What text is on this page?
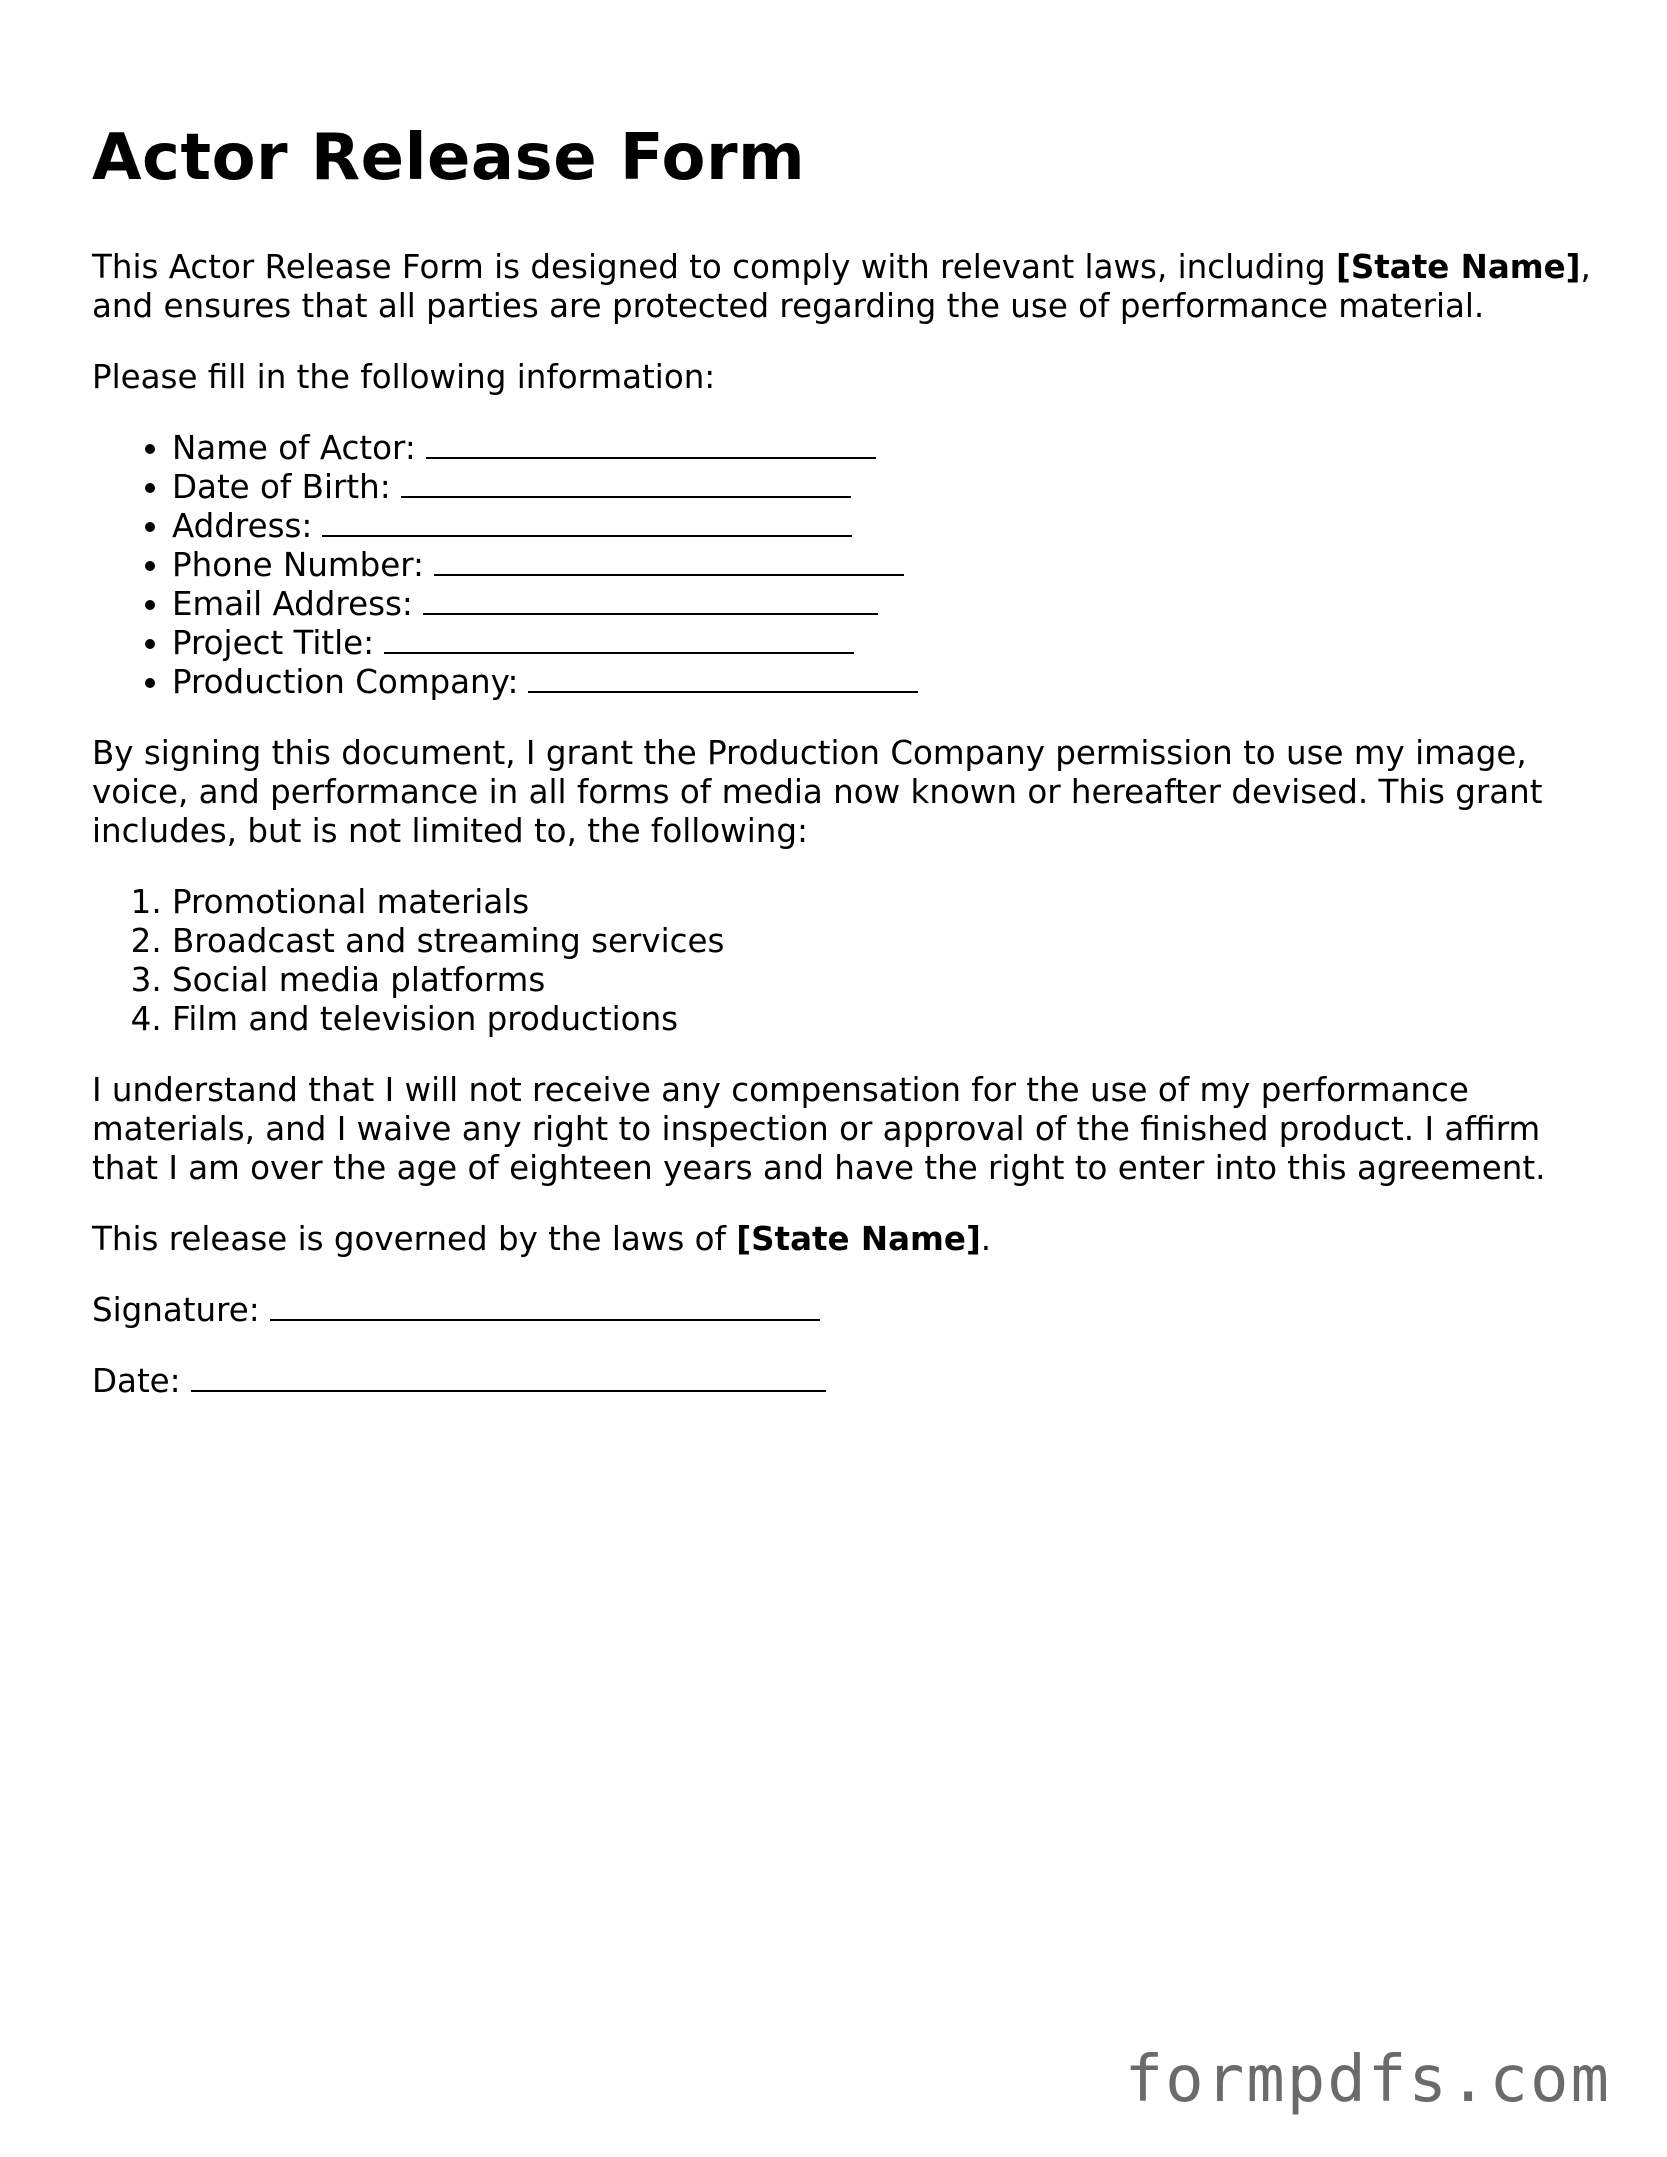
Actor Release Form

This Actor Release Form is designed to comply with relevant laws, including [State Name], and ensures that all parties are protected regarding the use of performance material.

Please fill in the following information:

• Name of Actor:
• Date of Birth:
• Address:
• Phone Number:
• Email Address:
• Project Title:
• Production Company:

By signing this document, I grant the Production Company permission to use my image, voice, and performance in all forms of media now known or hereafter devised. This grant includes, but is not limited to, the following:

1. Promotional materials
2. Broadcast and streaming services
3. Social media platforms
4. Film and television productions

I understand that I will not receive any compensation for the use of my performance materials, and I waive any right to inspection or approval of the finished product. I affirm that I am over the age of eighteen years and have the right to enter into this agreement.

This release is governed by the laws of [State Name].

Signature:

Date:

formpdfs.com
